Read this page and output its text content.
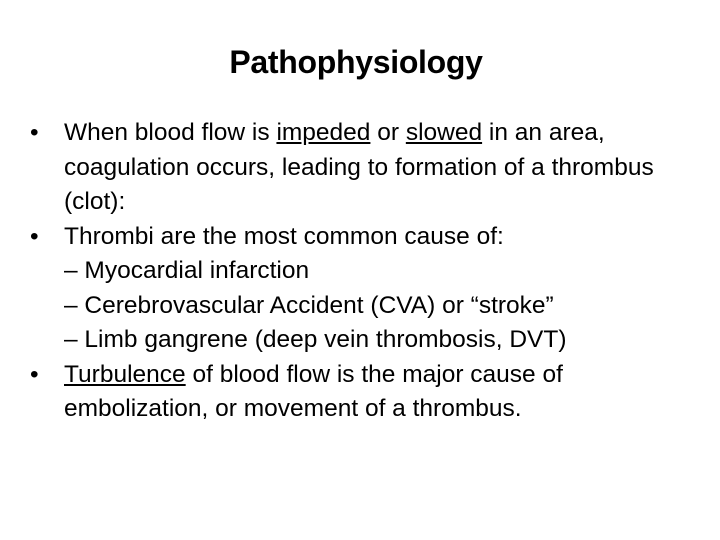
Pathophysiology
• When blood flow is impeded or slowed in an area, coagulation occurs, leading to formation of a thrombus (clot):
• Thrombi are the most common cause of:
– Myocardial infarction
– Cerebrovascular Accident (CVA) or “stroke”
– Limb gangrene (deep vein thrombosis, DVT)
• Turbulence of blood flow is the major cause of embolization, or movement of a thrombus.
